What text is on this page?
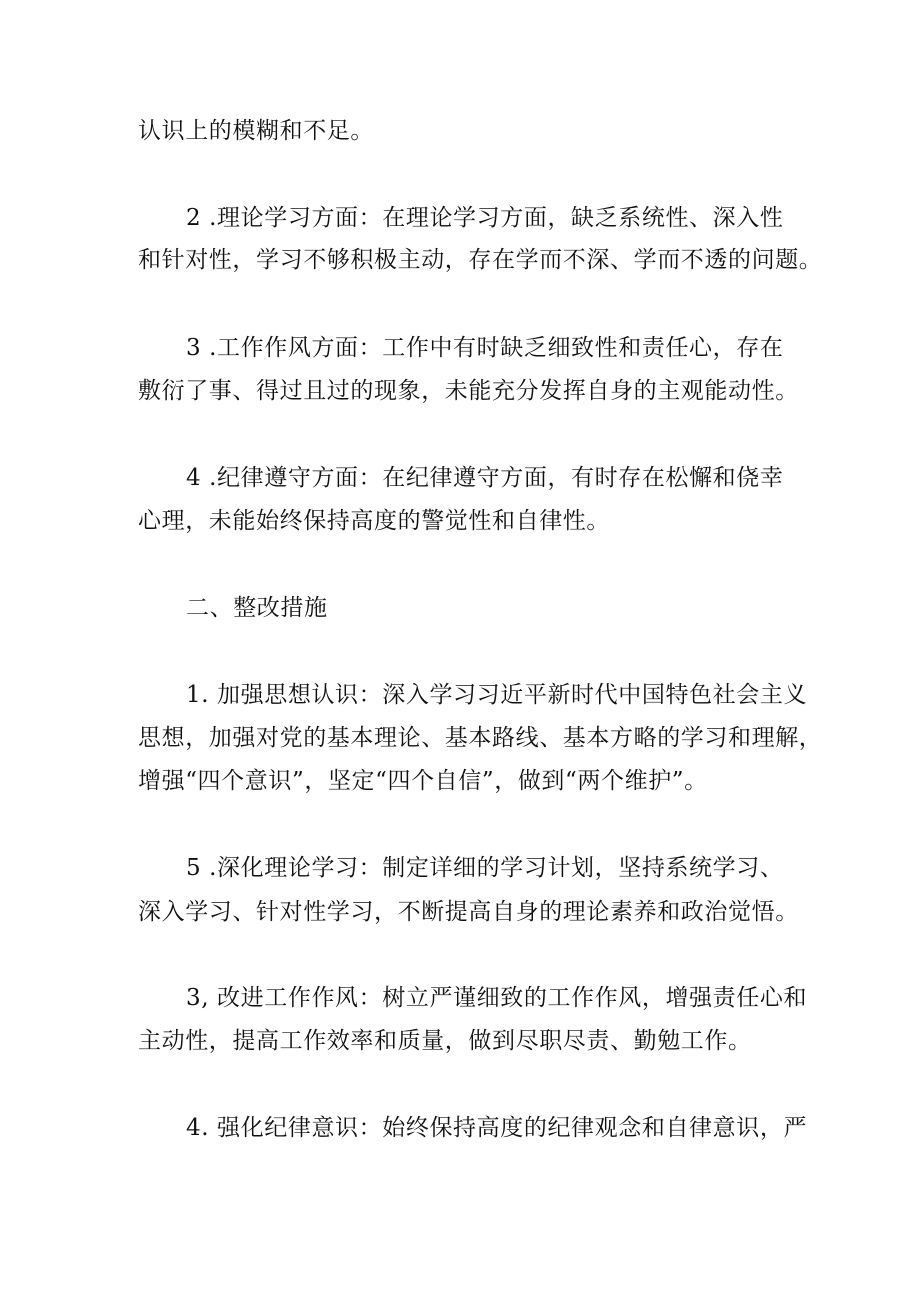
认识上的模糊和不足。
2 .理论学习方面：在理论学习方面，缺乏系统性、深入性
和针对性，学习不够积极主动，存在学而不深、学而不透的问题。
3 .工作作风方面：工作中有时缺乏细致性和责任心，存在
敷衍了事、得过且过的现象，未能充分发挥自身的主观能动性。
4 .纪律遵守方面：在纪律遵守方面，有时存在松懈和侥幸
心理，未能始终保持高度的警觉性和自律性。
二、整改措施
1. 加强思想认识：深入学习习近平新时代中国特色社会主义
思想，加强对党的基本理论、基本路线、基本方略的学习和理解，
增强“四个意识”，坚定“四个自信”，做到“两个维护”。
5 .深化理论学习：制定详细的学习计划，坚持系统学习、
深入学习、针对性学习，不断提高自身的理论素养和政治觉悟。
3, 改进工作作风：树立严谨细致的工作作风，增强责任心和
主动性，提高工作效率和质量，做到尽职尽责、勤勉工作。
4. 强化纪律意识：始终保持高度的纪律观念和自律意识，严
